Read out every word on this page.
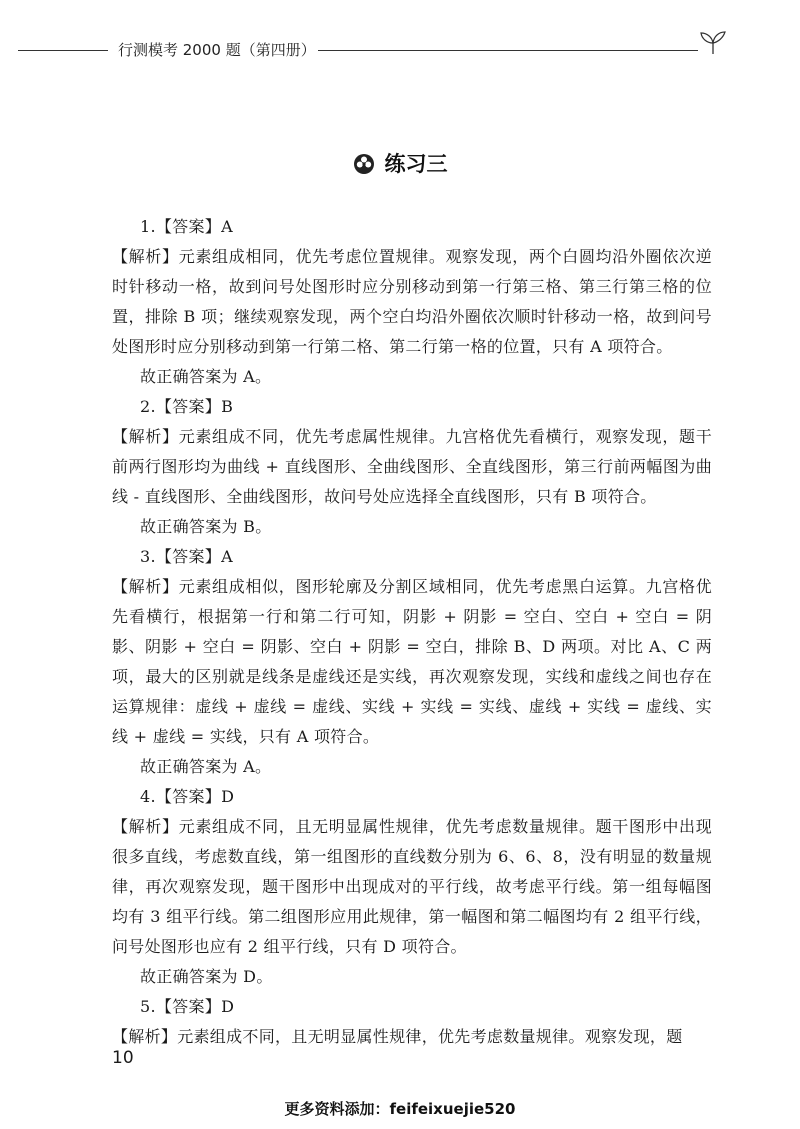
行测模考 2000 题（第四册）
练习三

1.【答案】A

【解析】元素组成相同，优先考虑位置规律。观察发现，两个白圆均沿外圈依次逆时针移动一格，故到问号处图形时应分别移动到第一行第三格、第三行第三格的位置，排除 B 项；继续观察发现，两个空白均沿外圈依次顺时针移动一格，故到问号处图形时应分别移动到第一行第二格、第二行第一格的位置，只有 A 项符合。

故正确答案为 A。

2.【答案】B

【解析】元素组成不同，优先考虑属性规律。九宫格优先看横行，观察发现，题干前两行图形均为曲线 + 直线图形、全曲线图形、全直线图形，第三行前两幅图为曲线 - 直线图形、全曲线图形，故问号处应选择全直线图形，只有 B 项符合。

故正确答案为 B。

3.【答案】A

【解析】元素组成相似，图形轮廓及分割区域相同，优先考虑黑白运算。九宫格优先看横行，根据第一行和第二行可知，阴影 + 阴影 = 空白、空白 + 空白 = 阴影、阴影 + 空白 = 阴影、空白 + 阴影 = 空白，排除 B、D 两项。对比 A、C 两项，最大的区别就是线条是虚线还是实线，再次观察发现，实线和虚线之间也存在运算规律：虚线 + 虚线 = 虚线、实线 + 实线 = 实线、虚线 + 实线 = 虚线、实线 + 虚线 = 实线，只有 A 项符合。

故正确答案为 A。

4.【答案】D

【解析】元素组成不同，且无明显属性规律，优先考虑数量规律。题干图形中出现很多直线，考虑数直线，第一组图形的直线数分别为 6、6、8，没有明显的数量规律，再次观察发现，题干图形中出现成对的平行线，故考虑平行线。第一组每幅图均有 3 组平行线。第二组图形应用此规律，第一幅图和第二幅图均有 2 组平行线，问号处图形也应有 2 组平行线，只有 D 项符合。

故正确答案为 D。

5.【答案】D

【解析】元素组成不同，且无明显属性规律，优先考虑数量规律。观察发现，题

10
更多资料添加：feifeixuejie520
